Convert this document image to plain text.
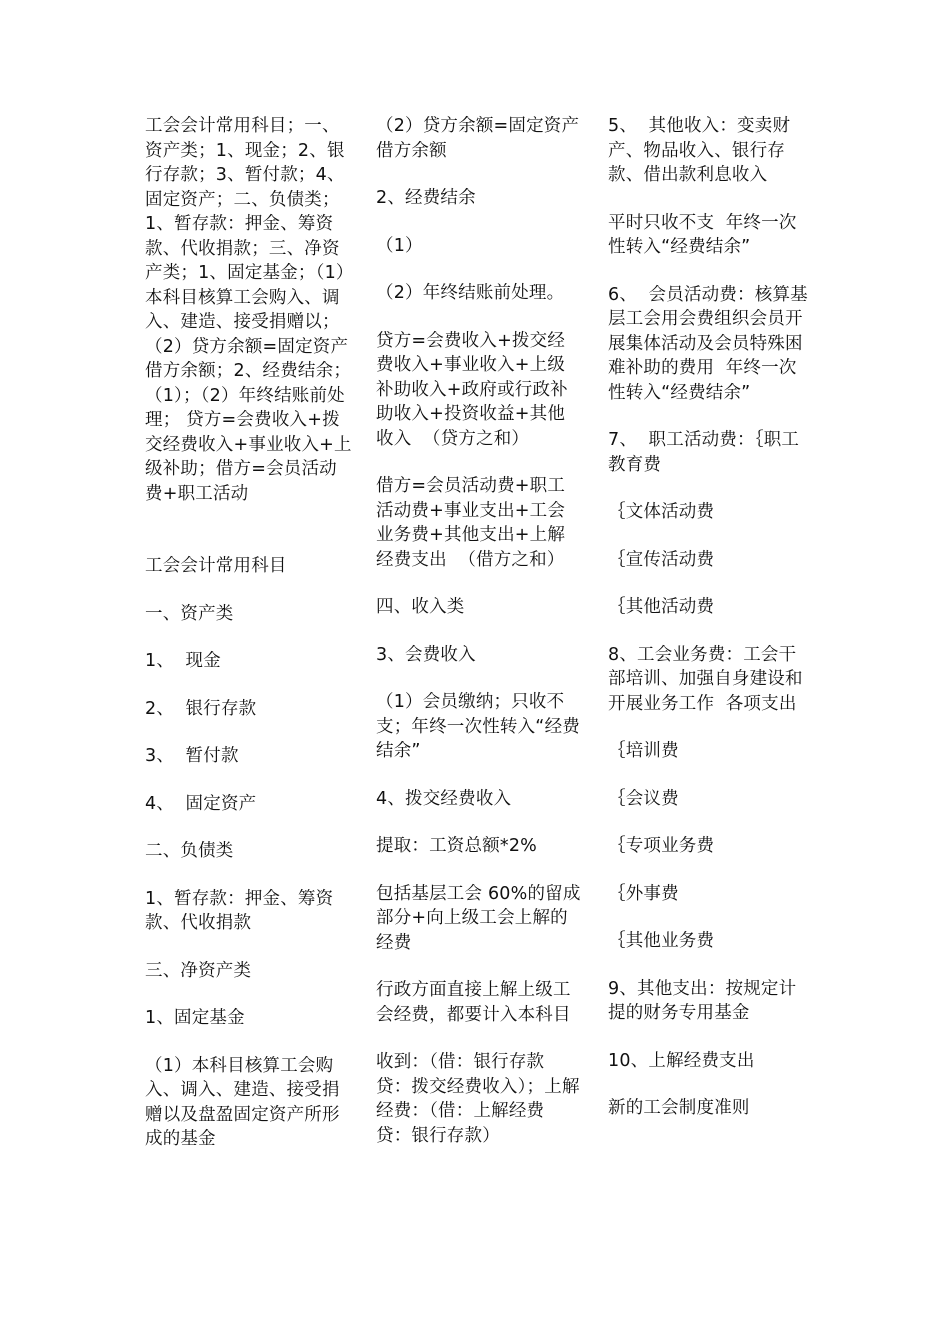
工会会计常用科目；一、资产类；1、现金；2、银行存款；3、暂付款；4、固定资产；二、负债类；1、暂存款：押金、筹资款、代收捐款；三、净资产类；1、固定基金；（1）本科目核算工会购入、调入、建造、接受捐赠以；（2）贷方余额=固定资产借方余额；2、经费结余；（1）；（2）年终结账前处理； 贷方=会费收入+拨交经费收入+事业收入+上级补助；借方=会员活动费+职工活动

工会会计常用科目

一、资产类

1、  现金

2、  银行存款

3、  暂付款

4、  固定资产

二、负债类

1、暂存款：押金、筹资款、代收捐款

三、净资产类

1、固定基金

（1）本科目核算工会购入、调入、建造、接受捐赠以及盘盈固定资产所形成的基金

（2）贷方余额=固定资产借方余额

2、经费结余

（1）

（2）年终结账前处理。

贷方=会费收入+拨交经费收入+事业收入+上级补助收入+政府或行政补助收入+投资收益+其他收入  （贷方之和）

借方=会员活动费+职工活动费+事业支出+工会业务费+其他支出+上解经费支出  （借方之和）

四、收入类

3、会费收入

（1）会员缴纳；只收不支；年终一次性转入“经费结余”

4、拨交经费收入

提取：工资总额*2%

包括基层工会 60%的留成部分+向上级工会上解的经费

行政方面直接上解上级工会经费，都要计入本科目

收到：（借：银行存款  贷：拨交经费收入）；上解经费：（借：上解经费  贷：银行存款）

5、  其他收入：变卖财产、物品收入、银行存款、借出款利息收入

平时只收不支  年终一次性转入“经费结余”

6、  会员活动费：核算基层工会用会费组织会员开展集体活动及会员特殊困难补助的费用  年终一次性转入“经费结余”

7、  职工活动费：｛职工教育费

｛文体活动费

｛宣传活动费

｛其他活动费

8、工会业务费：工会干部培训、加强自身建设和开展业务工作  各项支出

｛培训费

｛会议费

｛专项业务费

｛外事费

｛其他业务费

9、其他支出：按规定计提的财务专用基金

10、上解经费支出

新的工会制度准则
